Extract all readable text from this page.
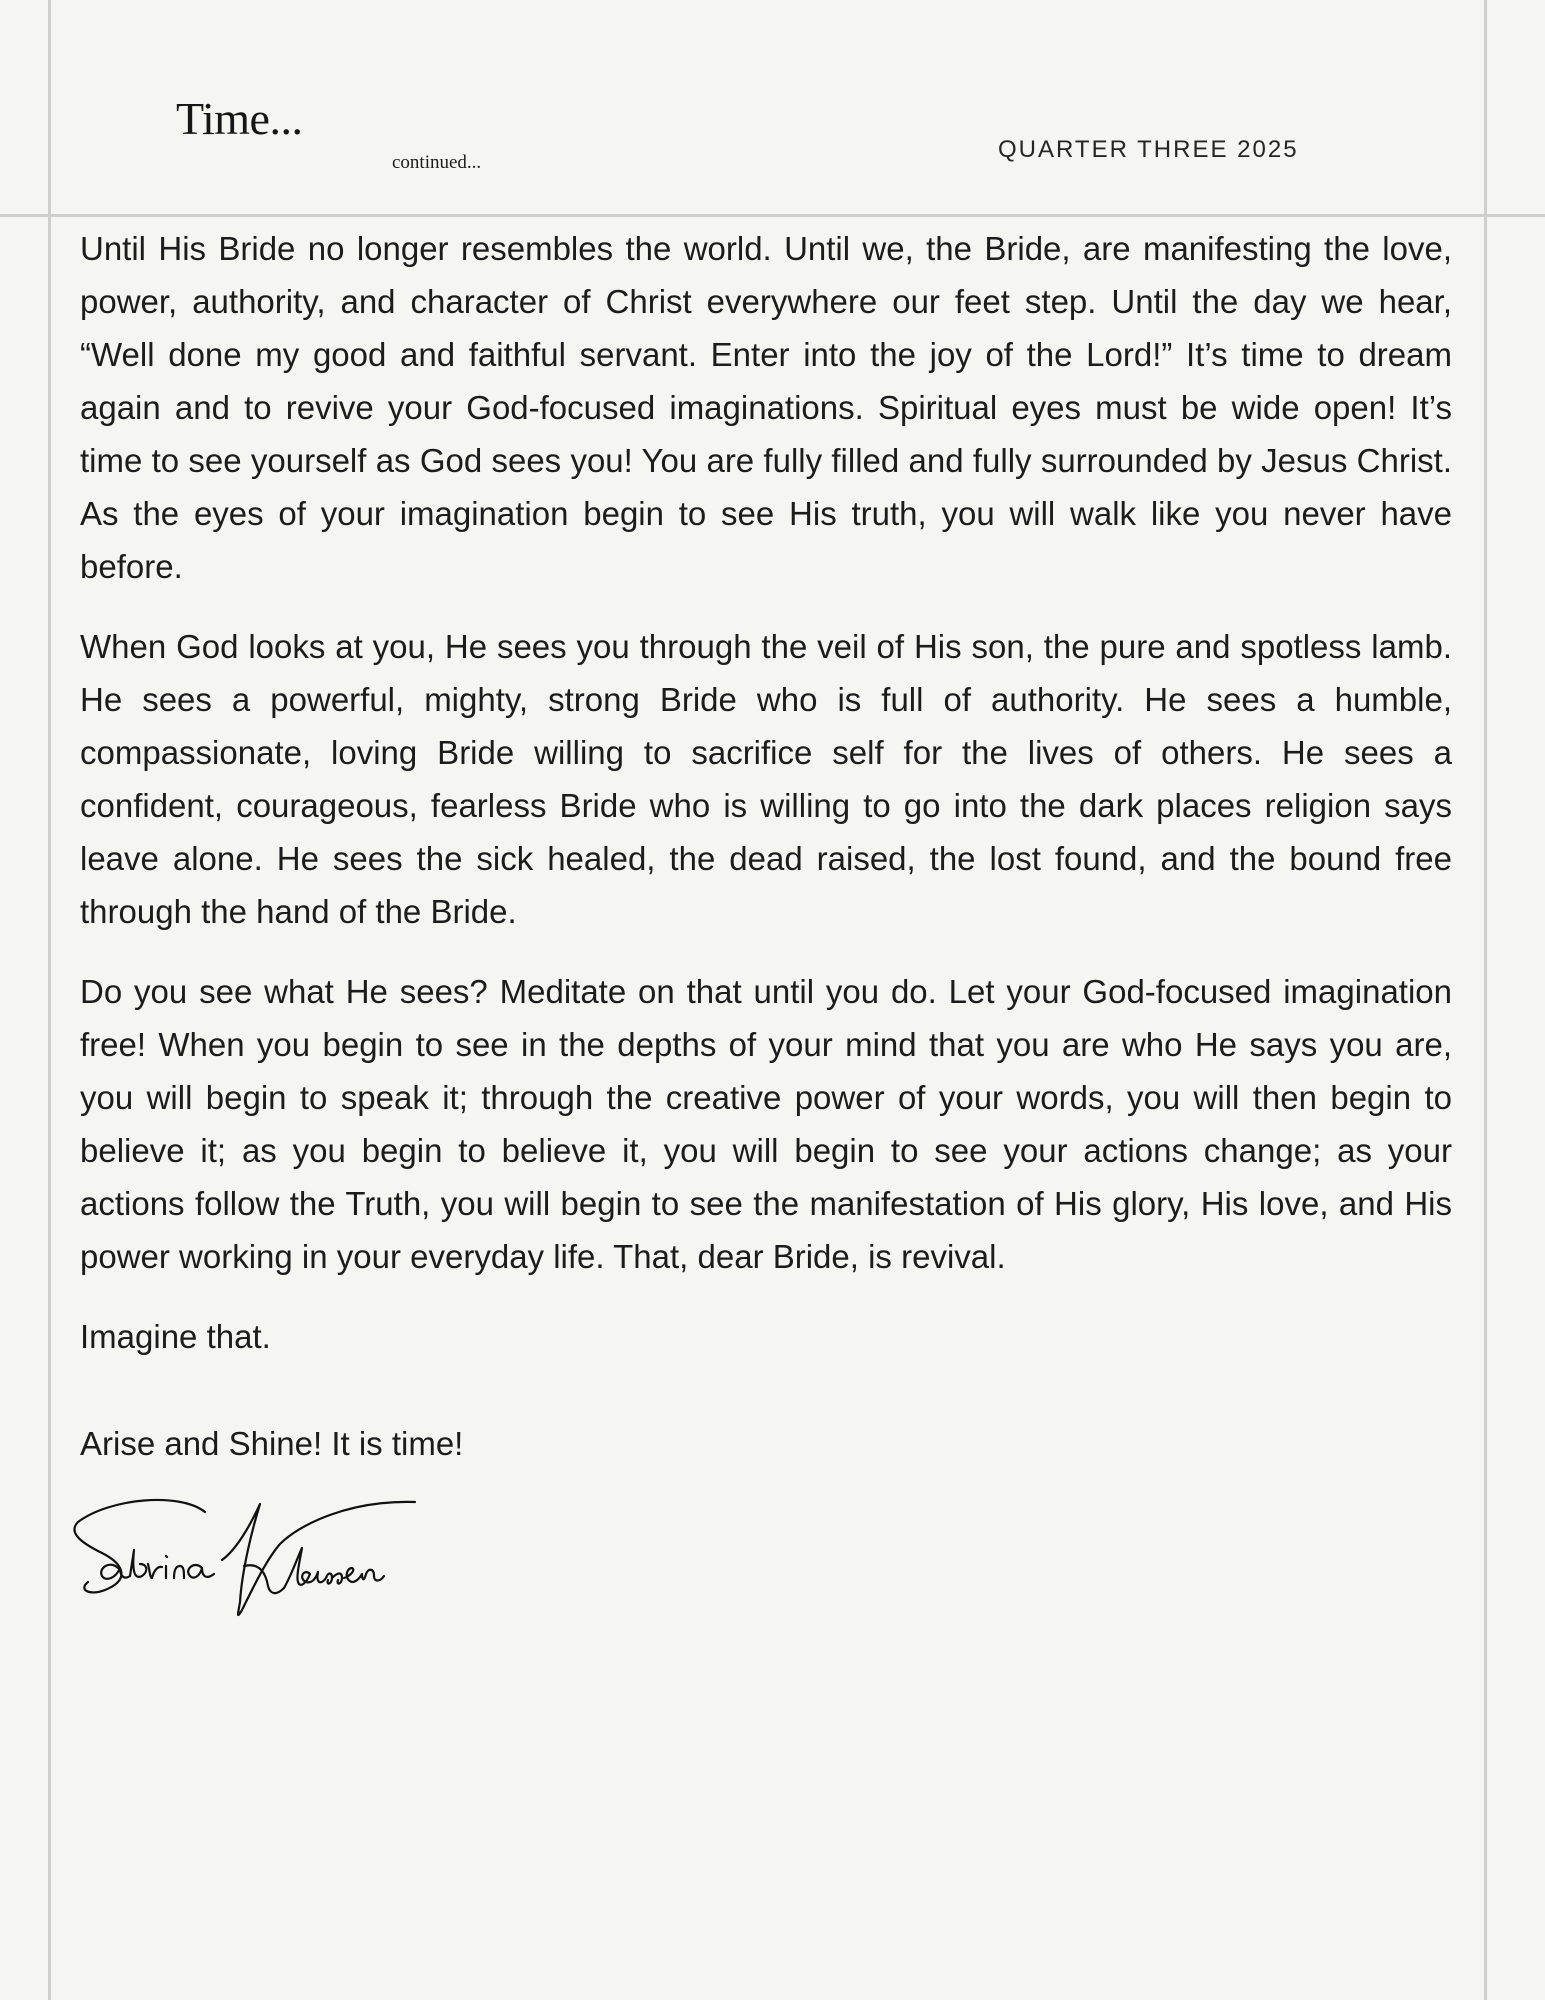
Time...
continued...	QUARTER THREE 2025

Until His Bride no longer resembles the world. Until we, the Bride, are manifesting the love, power, authority, and character of Christ everywhere our feet step. Until the day we hear, “Well done my good and faithful servant. Enter into the joy of the Lord!” It’s time to dream again and to revive your God-focused imaginations. Spiritual eyes must be wide open! It’s time to see yourself as God sees you! You are fully filled and fully surrounded by Jesus Christ. As the eyes of your imagination begin to see His truth, you will walk like you never have before.

When God looks at you, He sees you through the veil of His son, the pure and spotless lamb. He sees a powerful, mighty, strong Bride who is full of authority. He sees a humble, compassionate, loving Bride willing to sacrifice self for the lives of others. He sees a confident, courageous, fearless Bride who is willing to go into the dark places religion says leave alone. He sees the sick healed, the dead raised, the lost found, and the bound free through the hand of the Bride.

Do you see what He sees? Meditate on that until you do. Let your God-focused imagination free! When you begin to see in the depths of your mind that you are who He says you are, you will begin to speak it; through the creative power of your words, you will then begin to believe it; as you begin to believe it, you will begin to see your actions change; as your actions follow the Truth, you will begin to see the manifestation of His glory, His love, and His power working in your everyday life. That, dear Bride, is revival.

Imagine that.

Arise and Shine! It is time!
